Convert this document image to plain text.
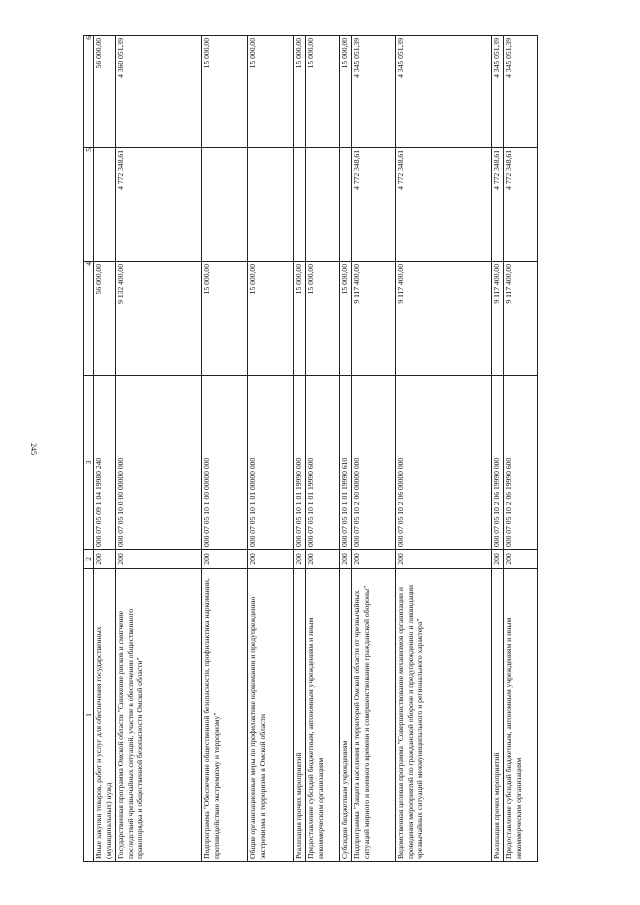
245
1	2	3	4	5	6
Иные закупки товаров, работ и услуг для обеспечения государственных (муниципальных) нужд	200	000 07 05 09 1 04 19980 240	56 000,00		56 000,00
Государственная программа Омской области "Снижение рисков и смягчение последствий чрезвычайных ситуаций, участие в обеспечении общественного правопорядка и общественной безопасности Омской области"	200	000 07 05 10 0 00 00000 000	9 132 400,00	4 772 348,61	4 360 051,39
Подпрограмма "Обеспечение общественной безопасности, профилактика наркомании, противодействие экстремизму и терроризму"	200	000 07 05 10 1 00 00000 000	15 000,00		15 000,00
Общие организационные меры по профилактике наркомании и предупреждению экстремизма и терроризма в Омской области	200	000 07 05 10 1 01 00000 000	15 000,00		15 000,00
Реализация прочих мероприятий	200	000 07 05 10 1 01 19990 000	15 000,00		15 000,00
Предоставление субсидий бюджетным, автономным учреждениям и иным некоммерческим организациям	200	000 07 05 10 1 01 19990 600	15 000,00		15 000,00
Субсидии бюджетным учреждениям	200	000 07 05 10 1 01 19990 610	15 000,00		15 000,00
Подпрограмма "Защита населения и территорий Омской области от чрезвычайных ситуаций мирного и военного времени и совершенствование гражданской обороны"	200	000 07 05 10 2 00 00000 000	9 117 400,00	4 772 348,61	4 345 051,39
Ведомственная целевая программа "Совершенствование механизмов организации и проведения мероприятий по гражданской обороне и предупреждению и ликвидации чрезвычайных ситуаций межмуниципального и регионального характера"	200	000 07 05 10 2 06 00000 000	9 117 400,00	4 772 348,61	4 345 051,39
Реализация прочих мероприятий	200	000 07 05 10 2 06 19990 000	9 117 400,00	4 772 348,61	4 345 051,39
Предоставление субсидий бюджетным, автономным учреждениям и иным некоммерческим организациям	200	000 07 05 10 2 06 19990 600	9 117 400,00	4 772 348,61	4 345 051,39
